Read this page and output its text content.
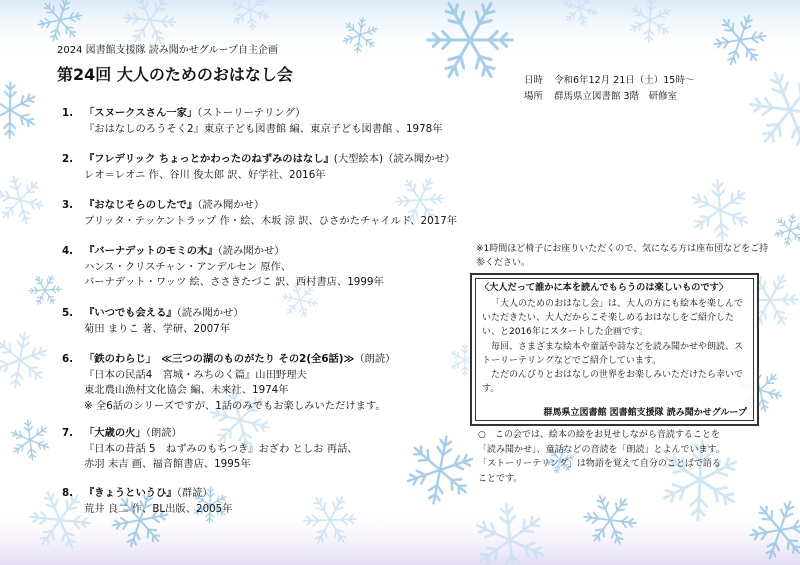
2024 図書館支援隊 読み聞かせグループ自主企画
第24回 大人のためのおはなし会	日時 令和6年12月 21日（土）15時～
場所 群馬県立図書館 3階　研修室
1. 「スヌークスさん一家」（ストーリーテリング）
『おはなしのろうそく2』東京子ども図書館 編、東京子ども図書館 、1978年
2. 『フレデリック ちょっとかわったのねずみのはなし』(大型絵本)（読み聞かせ）
レオ＝レオニ 作、谷川 俊太郎 訳、好学社、2016年
3. 『おなじそらのしたで』（読み聞かせ）
ブリッタ・テッケントラップ 作・絵、木坂 涼 訳、ひさかたチャイルド、2017年
4. 『バーナデットのモミの木』（読み聞かせ）
ハンス・クリスチャン・アンデルセン 原作、
バーナデット・ワッツ 絵、ささきたづこ 訳、西村書店、1999年
5. 『いつでも会える』（読み聞かせ）
菊田 まりこ 著、学研、2007年
6. 「鉄のわらじ」　≪三つの湖のものがたり その2(全6話)≫（朗読）
『日本の民話4　宮城・みちのく篇』山田野理夫
東北農山漁村文化協会 編、未来社、1974年
※ 全6話のシリーズですが、1話のみでもお楽しみいただけます。
7. 「大歳の火」（朗読）
『日本の昔話 5　ねずみのもちつき』おざわ としお 再話、
赤羽 末吉 画、福音館書店、1995年
8. 『きょうというひ』（群読）
荒井 良二 作、BL出版、2005年
※1時間ほど椅子にお座りいただくので、気になる方は座布団などをご持参ください。
〈大人だって誰かに本を読んでもらうのは楽しいものです〉

「大人のためのおはなし会」は、大人の方にも絵本を楽しんでいただきたい、大人だからこそ楽しめるおはなしをご紹介したい、と2016年にスタートした企画です。

毎回、さまざまな絵本や童話や詩などを読み聞かせや朗読、ストーリーテリングなどでご紹介しています。

ただのんびりとおはなしの世界をお楽しみいただけたら幸いです。

群馬県立図書館 図書館支援隊 読み聞かせグループ
○　この会では、絵本の絵をお見せしながら音読することを
「読み聞かせ」、童話などの音読を「朗読」とよんでいます。
「ストーリーテリング」は物語を覚えて自分のことばで語る
ことです。
